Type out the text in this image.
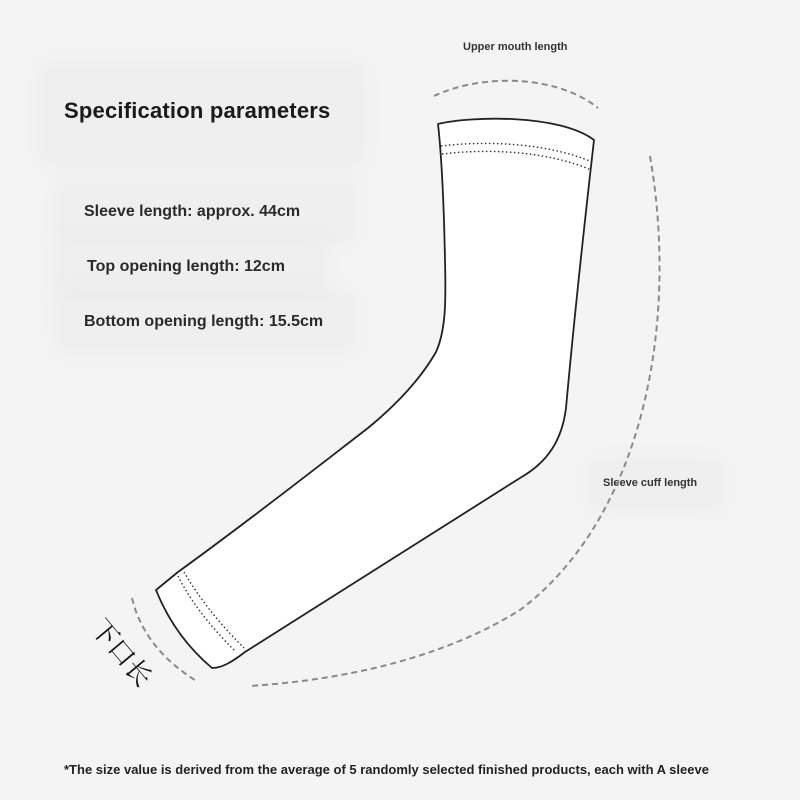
Specification parameters
Sleeve length: approx. 44cm
Top opening length: 12cm
Bottom opening length: 15.5cm
Upper mouth length
Sleeve cuff length
下口长
*The size value is derived from the average of 5 randomly selected finished products, each with A sleeve
